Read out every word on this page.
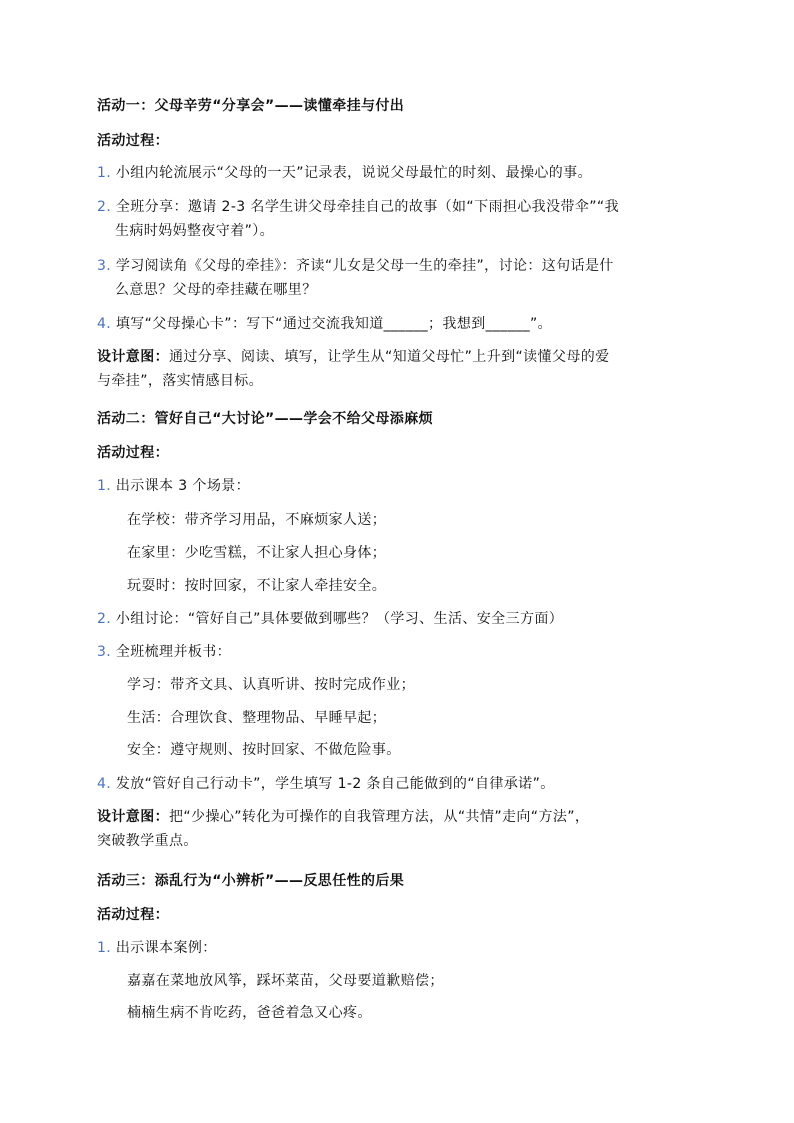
活动一：父母辛劳“分享会”——读懂牵挂与付出
活动过程：
1. 小组内轮流展示“父母的一天”记录表，说说父母最忙的时刻、最操心的事。
2. 全班分享：邀请 2-3 名学生讲父母牵挂自己的故事（如“下雨担心我没带伞”“我
生病时妈妈整夜守着”）。
3. 学习阅读角《父母的牵挂》：齐读“儿女是父母一生的牵挂”，讨论：这句话是什
么意思？父母的牵挂藏在哪里？
4. 填写“父母操心卡”：写下“通过交流我知道______；我想到______”。
设计意图：通过分享、阅读、填写，让学生从“知道父母忙”上升到“读懂父母的爱
与牵挂”，落实情感目标。
活动二：管好自己“大讨论”——学会不给父母添麻烦
活动过程：
1. 出示课本 3 个场景：
在学校：带齐学习用品，不麻烦家人送；
在家里：少吃雪糕，不让家人担心身体；
玩耍时：按时回家，不让家人牵挂安全。
2. 小组讨论：“管好自己”具体要做到哪些？（学习、生活、安全三方面）
3. 全班梳理并板书：
学习：带齐文具、认真听讲、按时完成作业；
生活：合理饮食、整理物品、早睡早起；
安全：遵守规则、按时回家、不做危险事。
4. 发放“管好自己行动卡”，学生填写 1-2 条自己能做到的“自律承诺”。
设计意图：把“少操心”转化为可操作的自我管理方法，从“共情”走向“方法”，
突破教学重点。
活动三：添乱行为“小辨析”——反思任性的后果
活动过程：
1. 出示课本案例：
嘉嘉在菜地放风筝，踩坏菜苗，父母要道歉赔偿；
楠楠生病不肯吃药，爸爸着急又心疼。
